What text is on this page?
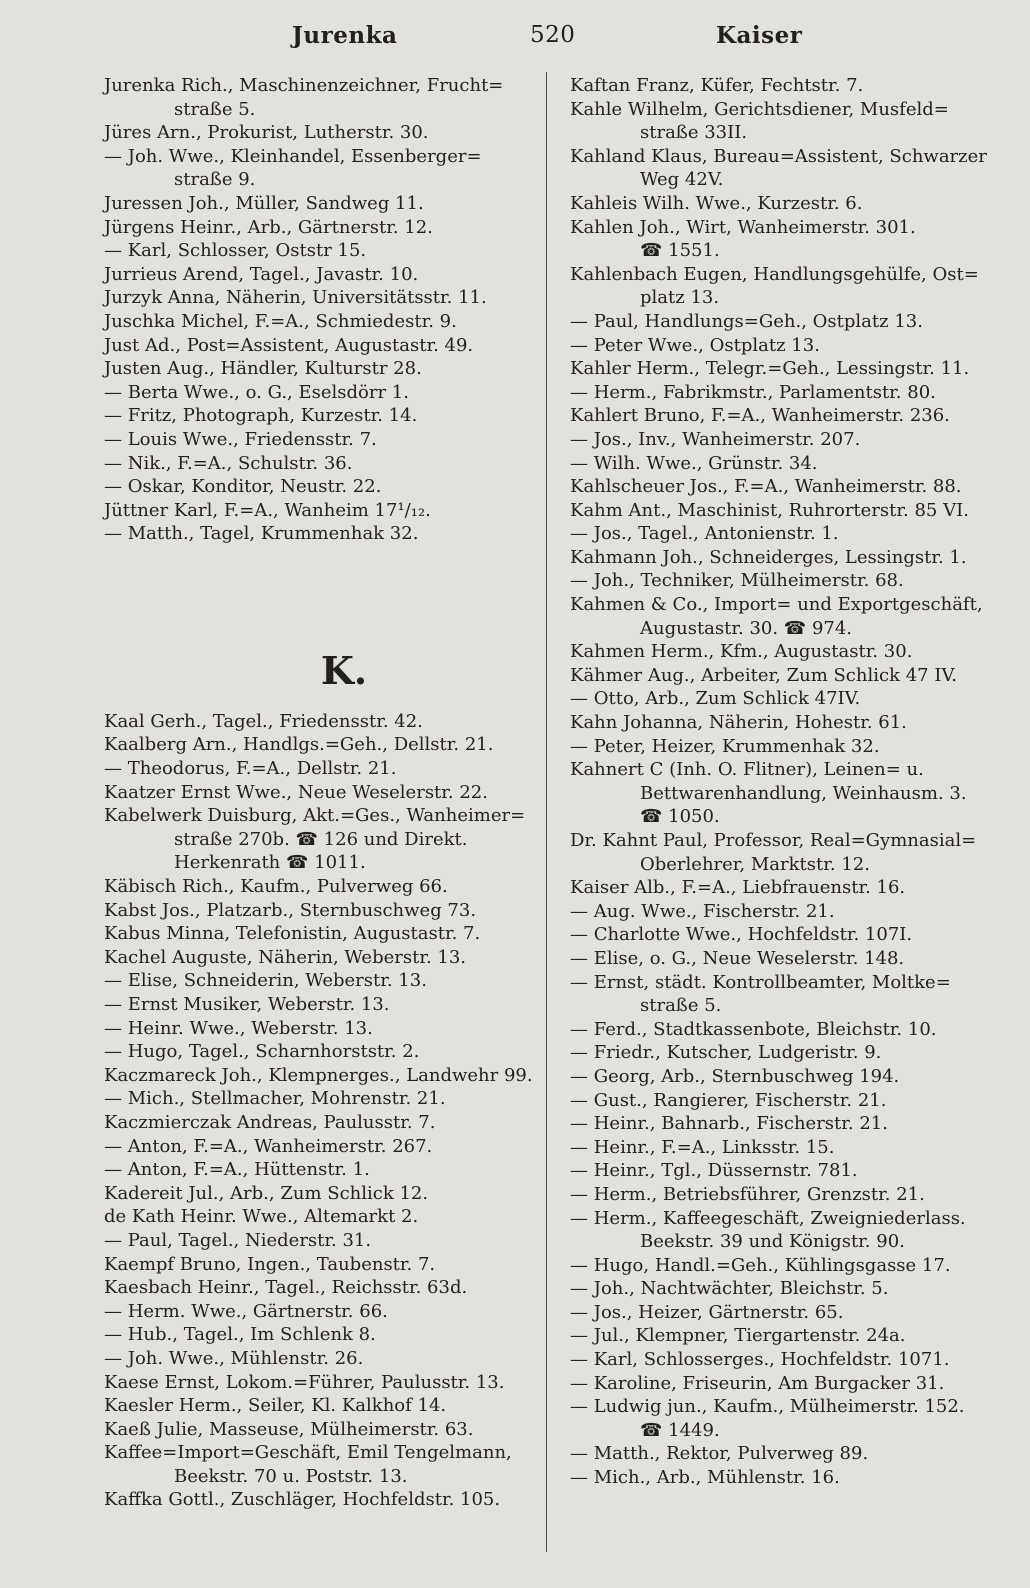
Jurenka	520	Kaiser
Jurenka Rich., Maschinenzeichner, Frucht=
straße 5.
Jüres Arn., Prokurist, Lutherstr. 30.
— Joh. Wwe., Kleinhandel, Essenberger=
straße 9.
Juressen Joh., Müller, Sandweg 11.
Jürgens Heinr., Arb., Gärtnerstr. 12.
— Karl, Schlosser, Oststr 15.
Jurrieus Arend, Tagel., Javastr. 10.
Jurzyk Anna, Näherin, Universitätsstr. 11.
Juschka Michel, F.=A., Schmiedestr. 9.
Just Ad., Post=Assistent, Augustastr. 49.
Justen Aug., Händler, Kulturstr 28.
— Berta Wwe., o. G., Eselsdörr 1.
— Fritz, Photograph, Kurzestr. 14.
— Louis Wwe., Friedensstr. 7.
— Nik., F.=A., Schulstr. 36.
— Oskar, Konditor, Neustr. 22.
Jüttner Karl, F.=A., Wanheim 17¹/₁₂.
— Matth., Tagel, Krummenhak 32.
K.
Kaal Gerh., Tagel., Friedensstr. 42.
Kaalberg Arn., Handlgs.=Geh., Dellstr. 21.
— Theodorus, F.=A., Dellstr. 21.
Kaatzer Ernst Wwe., Neue Weselerstr. 22.
Kabelwerk Duisburg, Akt.=Ges., Wanheimer=
straße 270b. ☎ 126 und Direkt.
Herkenrath ☎ 1011.
Käbisch Rich., Kaufm., Pulverweg 66.
Kabst Jos., Platzarb., Sternbuschweg 73.
Kabus Minna, Telefonistin, Augustastr. 7.
Kachel Auguste, Näherin, Weberstr. 13.
— Elise, Schneiderin, Weberstr. 13.
— Ernst Musiker, Weberstr. 13.
— Heinr. Wwe., Weberstr. 13.
— Hugo, Tagel., Scharnhorststr. 2.
Kaczmareck Joh., Klempnerges., Landwehr 99.
— Mich., Stellmacher, Mohrenstr. 21.
Kaczmierczak Andreas, Paulusstr. 7.
— Anton, F.=A., Wanheimerstr. 267.
— Anton, F.=A., Hüttenstr. 1.
Kadereit Jul., Arb., Zum Schlick 12.
de Kath Heinr. Wwe., Altemarkt 2.
— Paul, Tagel., Niederstr. 31.
Kaempf Bruno, Ingen., Taubenstr. 7.
Kaesbach Heinr., Tagel., Reichsstr. 63d.
— Herm. Wwe., Gärtnerstr. 66.
— Hub., Tagel., Im Schlenk 8.
— Joh. Wwe., Mühlenstr. 26.
Kaese Ernst, Lokom.=Führer, Paulusstr. 13.
Kaesler Herm., Seiler, Kl. Kalkhof 14.
Kaeß Julie, Masseuse, Mülheimerstr. 63.
Kaffee=Import=Geschäft, Emil Tengelmann,
Beekstr. 70 u. Poststr. 13.
Kaffka Gottl., Zuschläger, Hochfeldstr. 105.
Kaftan Franz, Küfer, Fechtstr. 7.
Kahle Wilhelm, Gerichtsdiener, Musfeld=
straße 33II.
Kahland Klaus, Bureau=Assistent, Schwarzer
Weg 42V.
Kahleis Wilh. Wwe., Kurzestr. 6.
Kahlen Joh., Wirt, Wanheimerstr. 301.
☎ 1551.
Kahlenbach Eugen, Handlungsgehülfe, Ost=
platz 13.
— Paul, Handlungs=Geh., Ostplatz 13.
— Peter Wwe., Ostplatz 13.
Kahler Herm., Telegr.=Geh., Lessingstr. 11.
— Herm., Fabrikmstr., Parlamentstr. 80.
Kahlert Bruno, F.=A., Wanheimerstr. 236.
— Jos., Inv., Wanheimerstr. 207.
— Wilh. Wwe., Grünstr. 34.
Kahlscheuer Jos., F.=A., Wanheimerstr. 88.
Kahm Ant., Maschinist, Ruhrorterstr. 85 VI.
— Jos., Tagel., Antonienstr. 1.
Kahmann Joh., Schneiderges, Lessingstr. 1.
— Joh., Techniker, Mülheimerstr. 68.
Kahmen & Co., Import= und Exportgeschäft,
Augustastr. 30. ☎ 974.
Kahmen Herm., Kfm., Augustastr. 30.
Kähmer Aug., Arbeiter, Zum Schlick 47 IV.
— Otto, Arb., Zum Schlick 47IV.
Kahn Johanna, Näherin, Hohestr. 61.
— Peter, Heizer, Krummenhak 32.
Kahnert C (Inh. O. Flitner), Leinen= u.
Bettwarenhandlung, Weinhausm. 3.
☎ 1050.
Dr. Kahnt Paul, Professor, Real=Gymnasial=
Oberlehrer, Marktstr. 12.
Kaiser Alb., F.=A., Liebfrauenstr. 16.
— Aug. Wwe., Fischerstr. 21.
— Charlotte Wwe., Hochfeldstr. 107I.
— Elise, o. G., Neue Weselerstr. 148.
— Ernst, städt. Kontrollbeamter, Moltke=
straße 5.
— Ferd., Stadtkassenbote, Bleichstr. 10.
— Friedr., Kutscher, Ludgeristr. 9.
— Georg, Arb., Sternbuschweg 194.
— Gust., Rangierer, Fischerstr. 21.
— Heinr., Bahnarb., Fischerstr. 21.
— Heinr., F.=A., Linksstr. 15.
— Heinr., Tgl., Düssernstr. 781.
— Herm., Betriebsführer, Grenzstr. 21.
— Herm., Kaffeegeschäft, Zweigniederlass.
Beekstr. 39 und Königstr. 90.
— Hugo, Handl.=Geh., Kühlingsgasse 17.
— Joh., Nachtwächter, Bleichstr. 5.
— Jos., Heizer, Gärtnerstr. 65.
— Jul., Klempner, Tiergartenstr. 24a.
— Karl, Schlosserges., Hochfeldstr. 1071.
— Karoline, Friseurin, Am Burgacker 31.
— Ludwig jun., Kaufm., Mülheimerstr. 152.
☎ 1449.
— Matth., Rektor, Pulverweg 89.
— Mich., Arb., Mühlenstr. 16.
